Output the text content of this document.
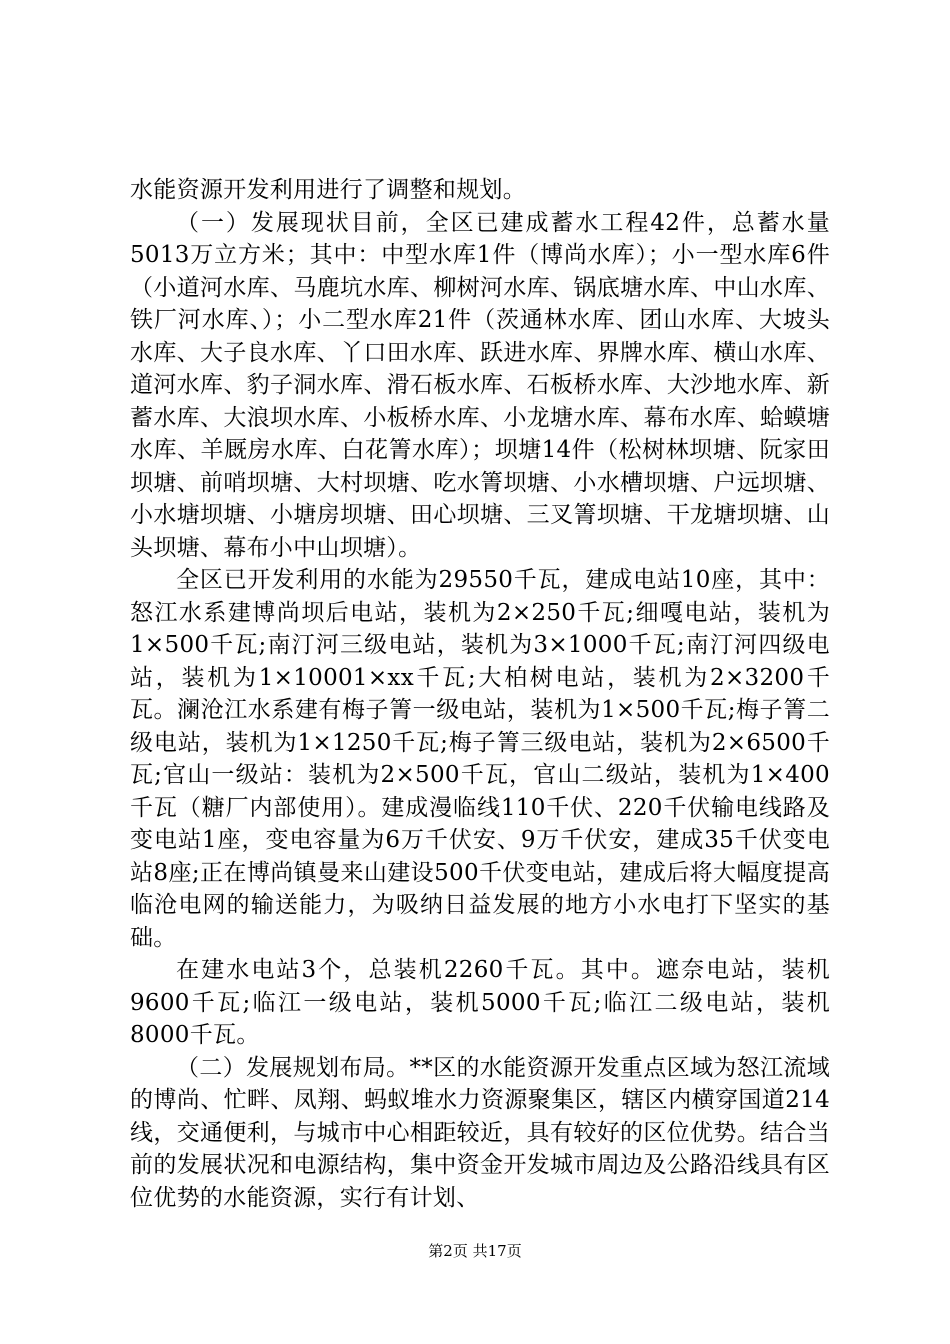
水能资源开发利用进行了调整和规划。

（一）发展现状目前，全区已建成蓄水工程42件，总蓄水量5013万立方米；其中：中型水库1件（博尚水库）；小一型水库6件（小道河水库、马鹿坑水库、柳树河水库、锅底塘水库、中山水库、铁厂河水库、）；小二型水库21件（茨通林水库、团山水库、大坡头水库、大子良水库、丫口田水库、跃进水库、界牌水库、横山水库、道河水库、豹子洞水库、滑石板水库、石板桥水库、大沙地水库、新蓄水库、大浪坝水库、小板桥水库、小龙塘水库、幕布水库、蛤蟆塘水库、羊厩房水库、白花箐水库）；坝塘14件（松树林坝塘、阮家田坝塘、前哨坝塘、大村坝塘、吃水箐坝塘、小水槽坝塘、户远坝塘、小水塘坝塘、小塘房坝塘、田心坝塘、三叉箐坝塘、干龙塘坝塘、山头坝塘、幕布小中山坝塘）。

全区已开发利用的水能为29550千瓦，建成电站10座，其中：怒江水系建博尚坝后电站，装机为2×250千瓦;细嘎电站，装机为1×500千瓦;南汀河三级电站，装机为3×1000千瓦;南汀河四级电站，装机为1×10001×xx千瓦;大柏树电站，装机为2×3200千瓦。澜沧江水系建有梅子箐一级电站，装机为1×500千瓦;梅子箐二级电站，装机为1×1250千瓦;梅子箐三级电站，装机为2×6500千瓦;官山一级站：装机为2×500千瓦，官山二级站，装机为1×400千瓦（糖厂内部使用）。建成漫临线110千伏、220千伏输电线路及变电站1座，变电容量为6万千伏安、9万千伏安，建成35千伏变电站8座;正在博尚镇曼来山建设500千伏变电站，建成后将大幅度提高临沧电网的输送能力，为吸纳日益发展的地方小水电打下坚实的基础。

在建水电站3个，总装机2260千瓦。其中。遮奈电站，装机9600千瓦;临江一级电站，装机5000千瓦;临江二级电站，装机8000千瓦。

（二）发展规划布局。**区的水能资源开发重点区域为怒江流域的博尚、忙畔、凤翔、蚂蚁堆水力资源聚集区，辖区内横穿国道214线，交通便利，与城市中心相距较近，具有较好的区位优势。结合当前的发展状况和电源结构，集中资金开发城市周边及公路沿线具有区位优势的水能资源，实行有计划、

第2页 共17页
